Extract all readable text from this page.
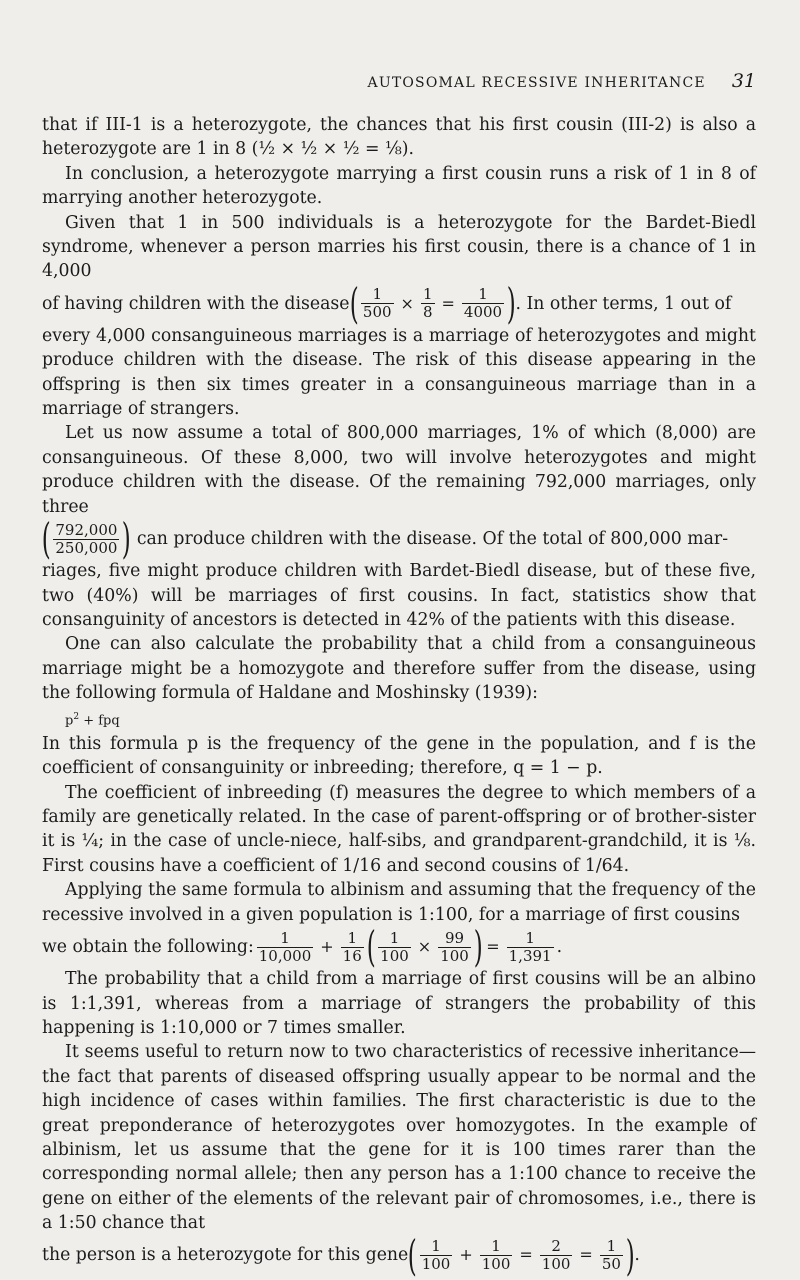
AUTOSOMAL RECESSIVE INHERITANCE 31

that if III-1 is a heterozygote, the chances that his first cousin (III-2) is also a heterozygote are 1 in 8 (½ × ½ × ½ = ⅛).

In conclusion, a heterozygote marrying a first cousin runs a risk of 1 in 8 of marrying another heterozygote.

Given that 1 in 500 individuals is a heterozygote for the Bardet-Biedl syndrome, whenever a person marries his first cousin, there is a chance of 1 in 4,000

of having children with the disease ( $\frac{1}{500} \times \frac{1}{8} = \frac{1}{4000}$ ) . In other terms, 1 out of

every 4,000 consanguineous marriages is a marriage of heterozygotes and might produce children with the disease. The risk of this disease appearing in the offspring is then six times greater in a consanguineous marriage than in a marriage of strangers.

Let us now assume a total of 800,000 marriages, 1% of which (8,000) are consanguineous. Of these 8,000, two will involve heterozygotes and might produce children with the disease. Of the remaining 792,000 marriages, only three

( $\frac{792,000}{250,000}$ ) can produce children with the disease. Of the total of 800,000 mar-

riages, five might produce children with Bardet-Biedl disease, but of these five, two (40%) will be marriages of first cousins. In fact, statistics show that consanguinity of ancestors is detected in 42% of the patients with this disease.

One can also calculate the probability that a child from a consanguineous marriage might be a homozygote and therefore suffer from the disease, using the following formula of Haldane and Moshinsky (1939):

$p^2$ + fpq

In this formula p is the frequency of the gene in the population, and f is the coefficient of consanguinity or inbreeding; therefore, q = 1 − p.

The coefficient of inbreeding (f) measures the degree to which members of a family are genetically related. In the case of parent-offspring or of brother-sister it is ¼; in the case of uncle-niece, half-sibs, and grandparent-grandchild, it is ⅛. First cousins have a coefficient of 1/16 and second cousins of 1/64.

Applying the same formula to albinism and assuming that the frequency of the recessive involved in a given population is 1:100, for a marriage of first cousins

we obtain the following: $\frac{1}{10,000} + \frac{1}{16}$ ( $\frac{1}{100} \times \frac{99}{100}$ ) = $\frac{1}{1,391}$ .

The probability that a child from a marriage of first cousins will be an albino is 1:1,391, whereas from a marriage of strangers the probability of this happening is 1:10,000 or 7 times smaller.

It seems useful to return now to two characteristics of recessive inheritance—the fact that parents of diseased offspring usually appear to be normal and the high incidence of cases within families. The first characteristic is due to the great preponderance of heterozygotes over homozygotes. In the example of albinism, let us assume that the gene for it is 100 times rarer than the corresponding normal allele; then any person has a 1:100 chance to receive the gene on either of the elements of the relevant pair of chromosomes, i.e., there is a 1:50 chance that

the person is a heterozygote for this gene ( $\frac{1}{100} + \frac{1}{100} = \frac{2}{100} = \frac{1}{50}$ ) .
